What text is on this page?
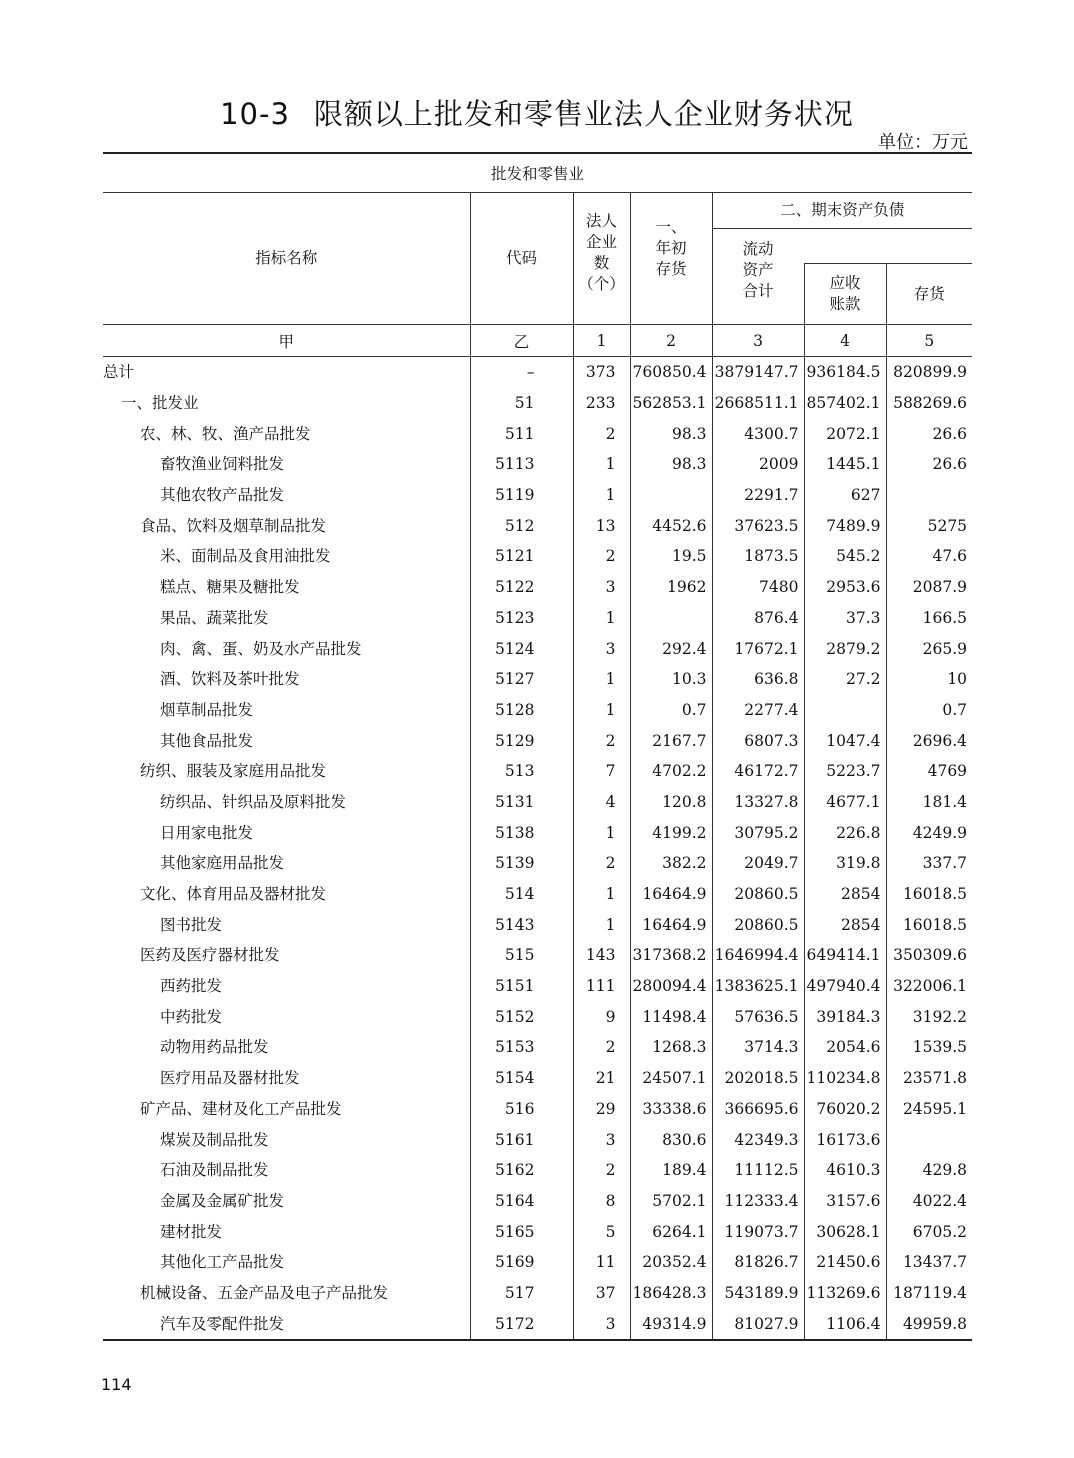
10-3 限额以上批发和零售业法人企业财务状况
单位：万元
批发和零售业						
指标名称	代码	法人
企业
数
（个）	一、
年初
存货	二、期末资产负债		
				流动
资产
合计		
					应收
账款	存货
甲	乙	1	2	3	4	5
总计	–	373	760850.4	3879147.7	936184.5	820899.9
一、批发业	51	233	562853.1	2668511.1	857402.1	588269.6
农、林、牧、渔产品批发	511	2	98.3	4300.7	2072.1	26.6
畜牧渔业饲料批发	5113	1	98.3	2009	1445.1	26.6
其他农牧产品批发	5119	1		2291.7	627	
食品、饮料及烟草制品批发	512	13	4452.6	37623.5	7489.9	5275
米、面制品及食用油批发	5121	2	19.5	1873.5	545.2	47.6
糕点、糖果及糖批发	5122	3	1962	7480	2953.6	2087.9
果品、蔬菜批发	5123	1		876.4	37.3	166.5
肉、禽、蛋、奶及水产品批发	5124	3	292.4	17672.1	2879.2	265.9
酒、饮料及茶叶批发	5127	1	10.3	636.8	27.2	10
烟草制品批发	5128	1	0.7	2277.4		0.7
其他食品批发	5129	2	2167.7	6807.3	1047.4	2696.4
纺织、服装及家庭用品批发	513	7	4702.2	46172.7	5223.7	4769
纺织品、针织品及原料批发	5131	4	120.8	13327.8	4677.1	181.4
日用家电批发	5138	1	4199.2	30795.2	226.8	4249.9
其他家庭用品批发	5139	2	382.2	2049.7	319.8	337.7
文化、体育用品及器材批发	514	1	16464.9	20860.5	2854	16018.5
图书批发	5143	1	16464.9	20860.5	2854	16018.5
医药及医疗器材批发	515	143	317368.2	1646994.4	649414.1	350309.6
西药批发	5151	111	280094.4	1383625.1	497940.4	322006.1
中药批发	5152	9	11498.4	57636.5	39184.3	3192.2
动物用药品批发	5153	2	1268.3	3714.3	2054.6	1539.5
医疗用品及器材批发	5154	21	24507.1	202018.5	110234.8	23571.8
矿产品、建材及化工产品批发	516	29	33338.6	366695.6	76020.2	24595.1
煤炭及制品批发	5161	3	830.6	42349.3	16173.6	
石油及制品批发	5162	2	189.4	11112.5	4610.3	429.8
金属及金属矿批发	5164	8	5702.1	112333.4	3157.6	4022.4
建材批发	5165	5	6264.1	119073.7	30628.1	6705.2
其他化工产品批发	5169	11	20352.4	81826.7	21450.6	13437.7
机械设备、五金产品及电子产品批发	517	37	186428.3	543189.9	113269.6	187119.4
汽车及零配件批发	5172	3	49314.9	81027.9	1106.4	49959.8
114
